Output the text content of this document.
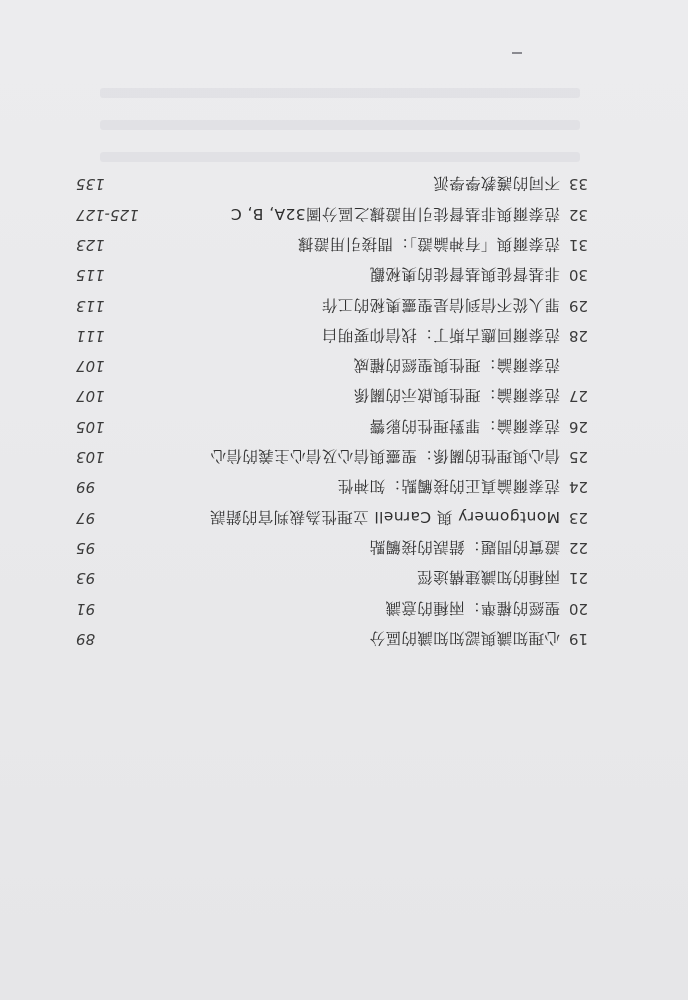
19
心理知識與認知知識的區分
89
20
聖經的權準：兩種的意識
91
21
兩種的知識建構途徑
93
22
證實的問題：錯誤的接觸點
95
23
Montgomery 與 Carnell 立理性為裁判官的錯誤
97
24
范泰爾論真正的接觸點：知神性
99
25
信心與理性的關係：聖靈與信心及信心主義的信心
103
26
范泰爾論：罪對理性的影響
105
27
范泰爾論：理性與啟示的關係
107
范泰爾論：理性與聖經的權威
107
28
范泰爾回應古斯丁：找信仰要明白
111
29
罪人從不信到信是聖靈奧秘的工作
113
30
非基督徒與基督徒的奧秘觀
115
31
范泰爾與「有神論證」：間接引用證據
123
32
范泰爾與非基督徒引用證據之區分圖32A, B, C
125-127
33
不同的護教學學派
135
